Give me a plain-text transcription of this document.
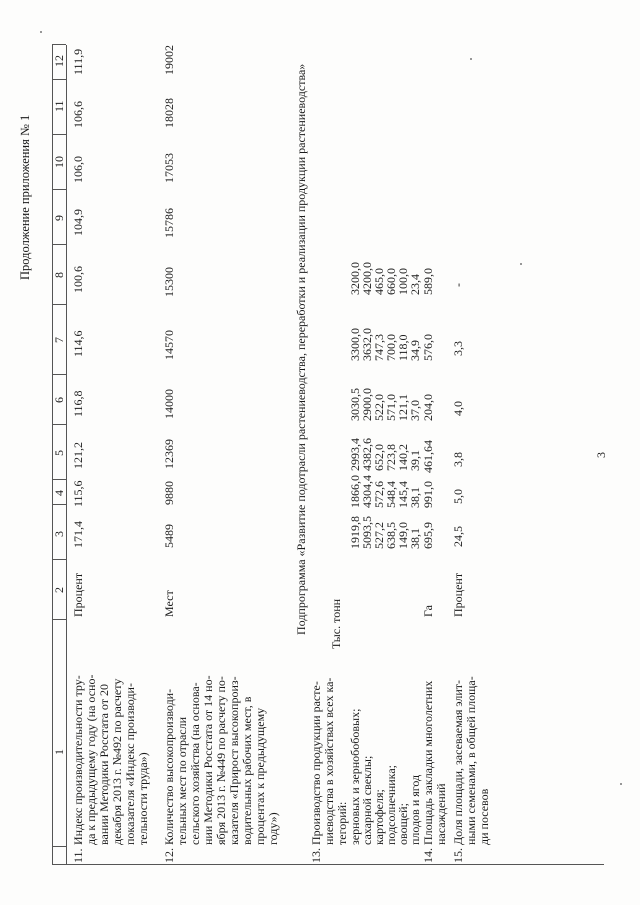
3
Продолжение приложения № 1
1
2
3
4
5
6
7
8
9
10
11
12
11.
Индекс производительности тру-
да к предыдущему году (на осно-
вании Методики Росстата от 20
декабря 2013 г. №492 по расчету
показателя «Индекс производи-
тельности труда»)
Процент
171,4
115,6
121,2
116,8
114,6
100,6
104,9
106,0
106,6
111,9
12.
Количество высокопроизводи-
тельных мест по отрасли
сельского хозяйства (на основа-
нии Методики Росстата от 14 но-
ября 2013 г. №449 по расчету по-
казателя «Прирост высокопроиз-
водительных рабочих мест, в
процентах к предыдущему
году»)
Мест
5489
9880
12369
14000
14570
15300
15786
17053
18028
19002
Подпрограмма «Развитие подотрасли растениеводства, переработки и реализации продукции растениеводства»
13.
Производство продукции расте-
ниеводства в хозяйствах всех ка-
тегорий:
Тыс. тонн
зерновых и зернобобовых;
сахарной свеклы;
картофеля;
подсолнечника;
овощей;
плодов и ягод
1919,8
5093,5
527,2
638,5
149,0
38,1
1866,0
4304,4
572,6
548,4
145,4
38,1
2993,4
4382,6
652,0
723,8
140,2
39,1
3030,5
2900,0
522,0
571,0
121,1
37,0
3300,0
3632,0
747,3
700,0
118,0
34,9
3200,0
4200,0
465,0
660,0
100,0
23,4
14.
Площадь закладки многолетних
насаждений
Га
695,9
991,0
461,64
204,0
576,0
589,0
15.
Доля площади, засеваемая элит-
ными семенами, в общей площа-
ди посевов
Процент
24,5
5,0
3,8
4,0
3,3
-
